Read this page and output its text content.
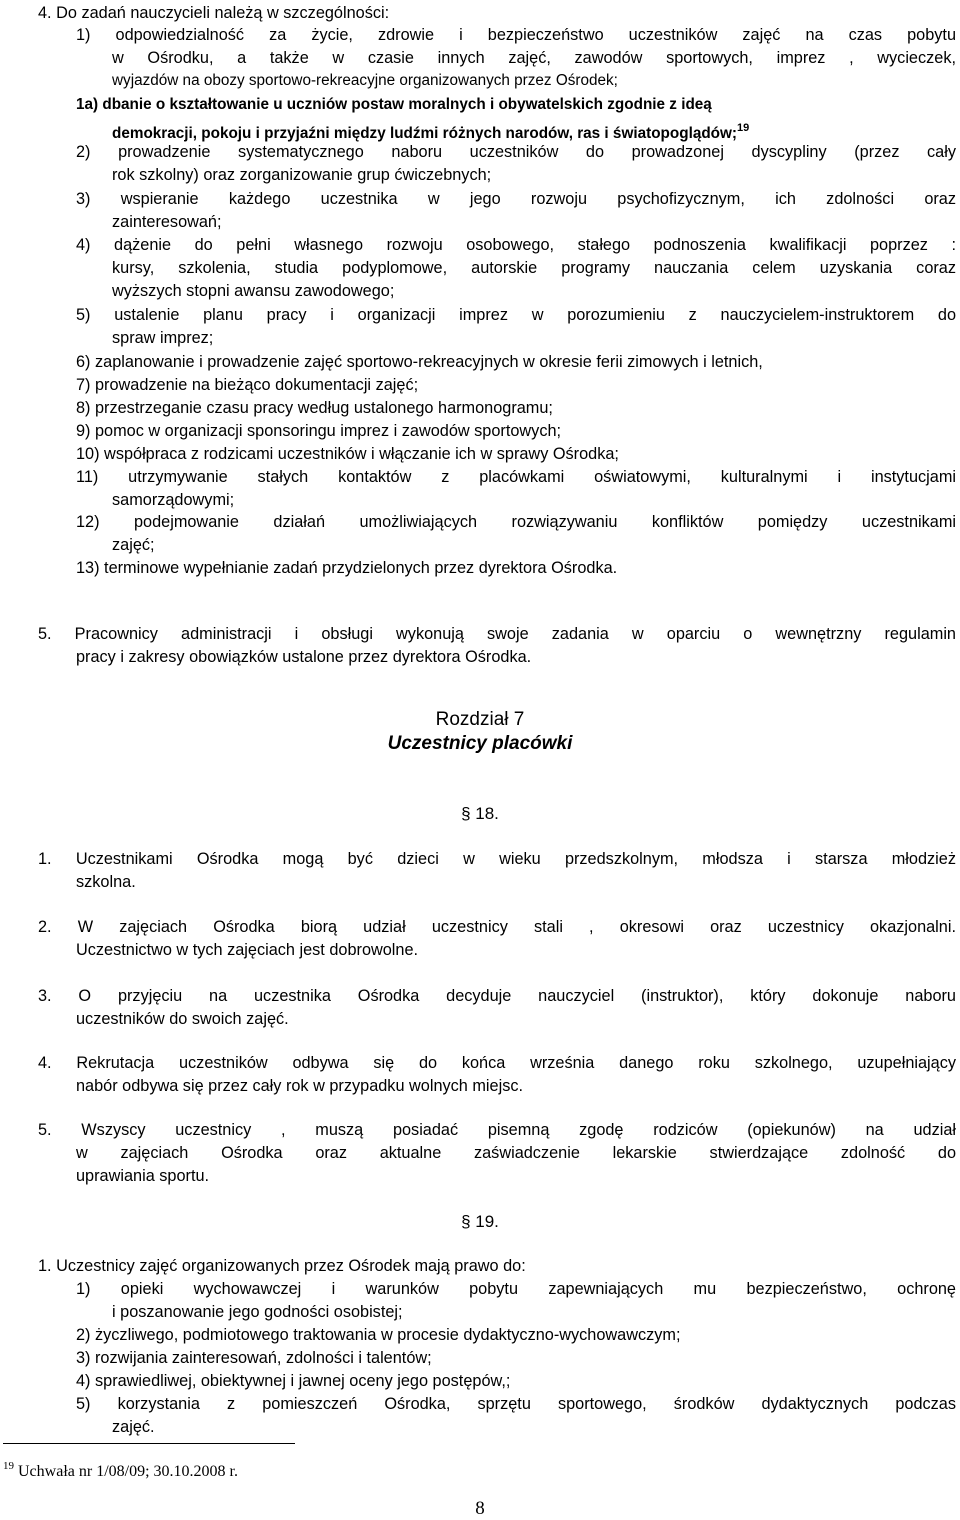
4. Do zadań nauczycieli należą w szczególności:
1) odpowiedzialność za życie, zdrowie i bezpieczeństwo uczestników zajęć na czas pobytu
w Ośrodku, a także w czasie innych zajęć, zawodów sportowych, imprez , wycieczek,
wyjazdów na obozy sportowo-rekreacyjne organizowanych przez Ośrodek;
1a) dbanie o kształtowanie u uczniów postaw moralnych i obywatelskich zgodnie z ideą
demokracji, pokoju i przyjaźni między ludźmi różnych narodów, ras i światopoglądów;$^{19}$
2) prowadzenie systematycznego naboru uczestników do prowadzonej dyscypliny (przez cały
rok szkolny) oraz zorganizowanie grup ćwiczebnych;
3) wspieranie każdego uczestnika w jego rozwoju psychofizycznym, ich zdolności oraz
zainteresowań;
4) dążenie do pełni własnego rozwoju osobowego, stałego podnoszenia kwalifikacji poprzez :
kursy, szkolenia, studia podyplomowe, autorskie programy nauczania celem uzyskania coraz
wyższych stopni awansu zawodowego;
5) ustalenie planu pracy i organizacji imprez w porozumieniu z nauczycielem-instruktorem do
spraw imprez;
6) zaplanowanie i prowadzenie zajęć sportowo-rekreacyjnych w okresie ferii zimowych i letnich,
7) prowadzenie na bieżąco dokumentacji zajęć;
8) przestrzeganie czasu pracy według ustalonego harmonogramu;
9) pomoc w organizacji sponsoringu imprez i zawodów sportowych;
10) współpraca z rodzicami uczestników i włączanie ich w sprawy Ośrodka;
11) utrzymywanie stałych kontaktów z placówkami oświatowymi, kulturalnymi i instytucjami
samorządowymi;
12) podejmowanie działań umożliwiających rozwiązywaniu konfliktów pomiędzy uczestnikami
zajęć;
13) terminowe wypełnianie zadań przydzielonych przez dyrektora Ośrodka.
5. Pracownicy administracji i obsługi wykonują swoje zadania w oparciu o wewnętrzny regulamin
pracy i zakresy obowiązków ustalone przez dyrektora Ośrodka.
Rozdział 7
Uczestnicy placówki
§ 18.
1. Uczestnikami Ośrodka mogą być dzieci w wieku przedszkolnym, młodsza i starsza młodzież
szkolna.
2. W zajęciach Ośrodka biorą udział uczestnicy stali , okresowi oraz uczestnicy okazjonalni.
Uczestnictwo w tych zajęciach jest dobrowolne.
3. O przyjęciu na uczestnika Ośrodka decyduje nauczyciel (instruktor), który dokonuje naboru
uczestników do swoich zajęć.
4. Rekrutacja uczestników odbywa się do końca września danego roku szkolnego, uzupełniający
nabór odbywa się przez cały rok w przypadku wolnych miejsc.
5. Wszyscy uczestnicy , muszą posiadać pisemną zgodę rodziców (opiekunów) na udział
w zajęciach Ośrodka oraz aktualne zaświadczenie lekarskie stwierdzające zdolność do
uprawiania sportu.
§ 19.
1. Uczestnicy zajęć organizowanych przez Ośrodek mają prawo do:
1) opieki wychowawczej i warunków pobytu zapewniających mu bezpieczeństwo, ochronę
i poszanowanie jego godności osobistej;
2) życzliwego, podmiotowego traktowania w procesie dydaktyczno-wychowawczym;
3) rozwijania zainteresowań, zdolności i talentów;
4) sprawiedliwej, obiektywnej i jawnej oceny jego postępów,;
5) korzystania z pomieszczeń Ośrodka, sprzętu sportowego, środków dydaktycznych podczas
zajęć.
$^{19}$ Uchwała nr 1/08/09; 30.10.2008 r.
8
